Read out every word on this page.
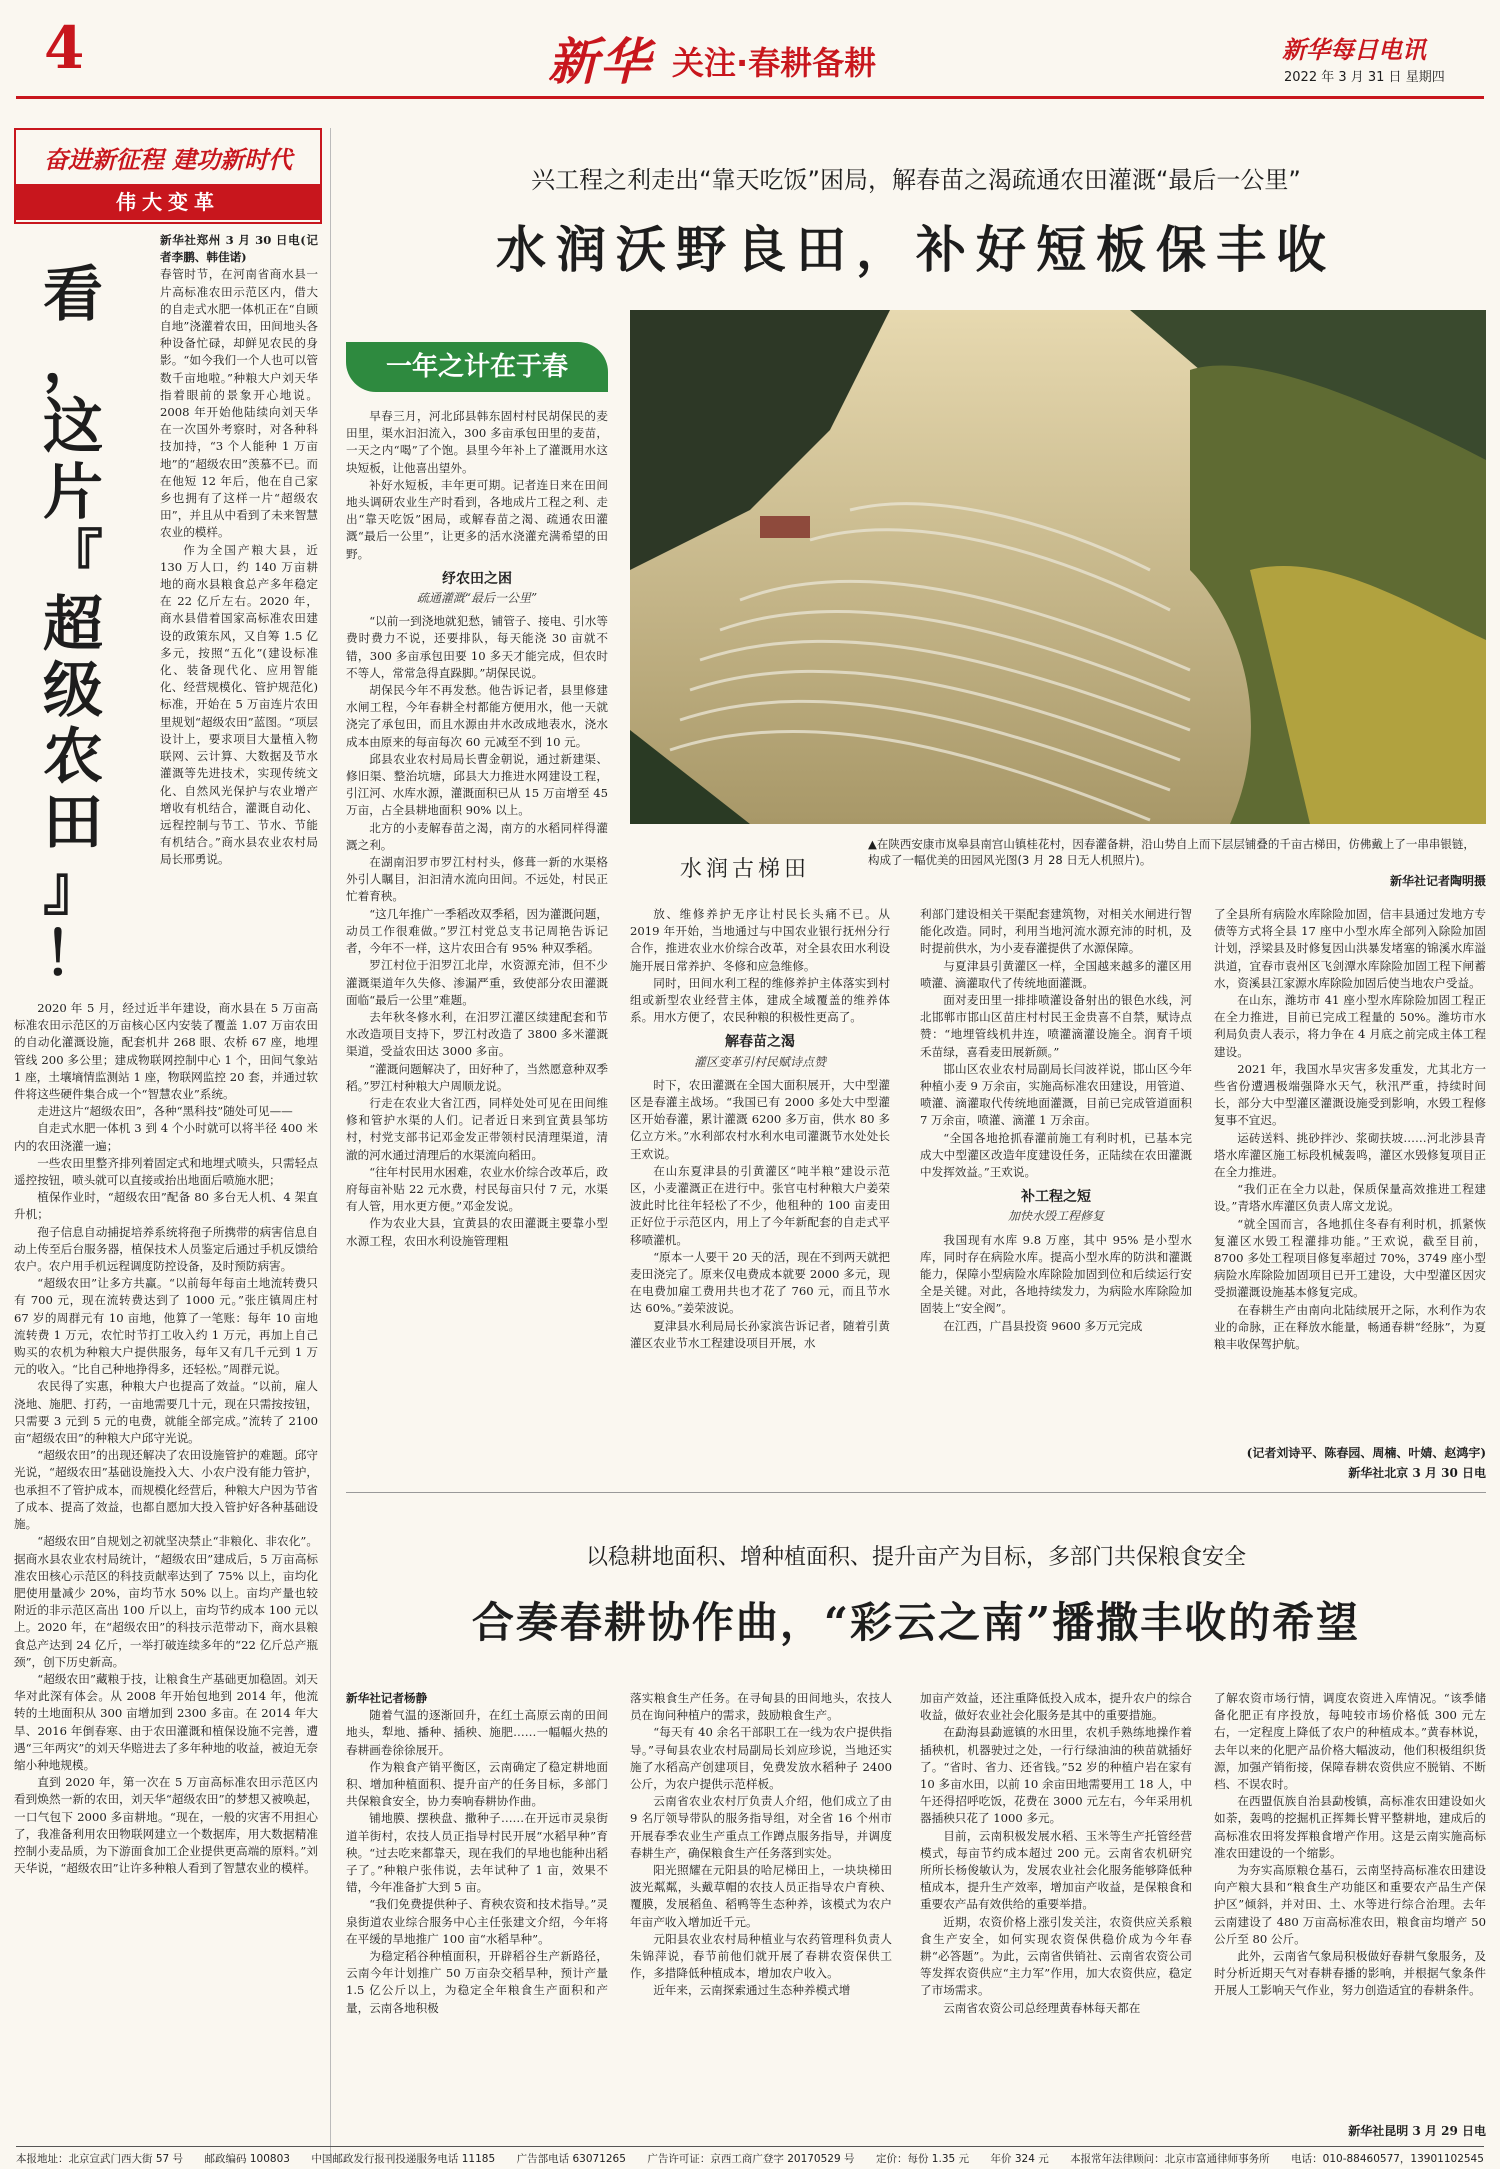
4	新华 关注·春耕备耕	新华每日电讯
2022 年 3 月 31 日 星期四
奋进新征程 建功新时代
伟大变革
看
，
这
片
『
超
级
农
田
』
！

新华社郑州 3 月 30 日电(记者李鹏、韩佳诺)

春管时节，在河南省商水县一片高标准农田示范区内，借大的自走式水肥一体机正在“自顾自地”浇灌着农田，田间地头各种设备忙碌，却鲜见农民的身影。“如今我们一个人也可以管数千亩地啦。”种粮大户刘天华指着眼前的景象开心地说。2008 年开始他陆续向刘天华在一次国外考察时，对各种科技加持，“3 个人能种 1 万亩地”的“超级农田”羡慕不已。而在他短 12 年后，他在自己家乡也拥有了这样一片“超级农田”，并且从中看到了未来智慧农业的模样。

作为全国产粮大县，近 130 万人口，约 140 万亩耕地的商水县粮食总产多年稳定在 22 亿斤左右。2020 年，商水县借着国家高标准农田建设的政策东风，又自筹 1.5 亿多元，按照“五化”(建设标准化、装备现代化、应用智能化、经营规模化、管护规范化)标准，开始在 5 万亩连片农田里规划“超级农田”蓝图。“项层设计上，要求项目大量植入物联网、云计算、大数据及节水灌溉等先进技术，实现传统文化、自然风光保护与农业增产增收有机结合，灌溉自动化、远程控制与节工、节水、节能有机结合。”商水县农业农村局局长邢勇说。

2020 年 5 月，经过近半年建设，商水县在 5 万亩高标准农田示范区的万亩核心区内安装了覆盖 1.07 万亩农田的自动化灌溉设施，配套机井 268 眼、农桥 67 座，地埋管线 200 多公里；建成物联网控制中心 1 个，田间气象站 1 座，土壤墒情监测站 1 座，物联网监控 20 套，并通过软件将这些硬件集合成一个“智慧农业”系统。

走进这片“超级农田”，各种“黑科技”随处可见——

自走式水肥一体机 3 到 4 个小时就可以将半径 400 米内的农田浇灌一遍；

一些农田里整齐排列着固定式和地埋式喷头，只需轻点遥控按钮，喷头就可以直接或抬出地面后喷施水肥；

植保作业时，“超级农田”配备 80 多台无人机、4 架直升机；

孢子信息自动捕捉培养系统将孢子所携带的病害信息自动上传至后台服务器，植保技术人员鉴定后通过手机反馈给农户。农户用手机远程调度防控设备，及时预防病害。

“超级农田”让多方共赢。“以前每年每亩土地流转费只有 700 元，现在流转费达到了 1000 元。”张庄镇周庄村 67 岁的周群元有 10 亩地，他算了一笔账：每年 10 亩地流转费 1 万元，农忙时节打工收入约 1 万元，再加上自己购买的农机为种粮大户提供服务，每年又有几千元到 1 万元的收入。“比自己种地挣得多，还轻松。”周群元说。

农民得了实惠，种粮大户也提高了效益。“以前，雇人浇地、施肥、打药，一亩地需要几十元，现在只需按按钮，只需要 3 元到 5 元的电费，就能全部完成。”流转了 2100 亩“超级农田”的种粮大户邱守光说。

“超级农田”的出现还解决了农田设施管护的难题。邱守光说，“超级农田”基础设施投入大、小农户没有能力管护，也承担不了管护成本，而规模化经营后，种粮大户因为节省了成本、提高了效益，也都自愿加大投入管护好各种基础设施。

“超级农田”自规划之初就坚决禁止“非粮化、非农化”。据商水县农业农村局统计，“超级农田”建成后，5 万亩高标准农田核心示范区的科技贡献率达到了 75% 以上，亩均化肥使用量减少 20%，亩均节水 50% 以上。亩均产量也较附近的非示范区高出 100 斤以上，亩均节约成本 100 元以上。2020 年，在“超级农田”的科技示范带动下，商水县粮食总产达到 24 亿斤，一举打破连续多年的“22 亿斤总产瓶颈”，创下历史新高。

“超级农田”藏粮于技，让粮食生产基础更加稳固。刘天华对此深有体会。从 2008 年开始包地到 2014 年，他流转的土地面积从 300 亩增加到 2300 多亩。在 2014 年大旱、2016 年倒春寒、由于农田灌溉和植保设施不完善，遭遇“三年两灾”的刘天华赔进去了多年种地的收益，被迫无奈缩小种地规模。

直到 2020 年，第一次在 5 万亩高标准农田示范区内看到焕然一新的农田，刘天华“超级农田”的梦想又被唤起，一口气包下 2000 多亩耕地。“现在，一般的灾害不用担心了，我准备利用农田物联网建立一个数据库，用大数据精准控制小麦品质，为下游面食加工企业提供更高端的原料。”刘天华说，“超级农田”让许多种粮人看到了智慧农业的模样。

兴工程之利走出“靠天吃饭”困局，解春苗之渴疏通农田灌溉“最后一公里”
水润沃野良田，补好短板保丰收
一年之计在于春

早春三月，河北邱县韩东固村村民胡保民的麦田里，渠水汩汩流入，300 多亩承包田里的麦苗，一天之内“喝”了个饱。县里今年补上了灌溉用水这块短板，让他喜出望外。

补好水短板，丰年更可期。记者连日来在田间地头调研农业生产时看到，各地成片工程之利、走出“靠天吃饭”困局，或解春苗之渴、疏通农田灌溉“最后一公里”，让更多的活水浇灌充满希望的田野。

纾农田之困
疏通灌溉“最后一公里”

“以前一到浇地就犯愁，铺管子、接电、引水等费时费力不说，还要排队，每天能浇 30 亩就不错，300 多亩承包田要 10 多天才能完成，但农时不等人，常常急得直跺脚。”胡保民说。

胡保民今年不再发愁。他告诉记者，县里修建水闸工程，今年春耕全村都能方便用水，他一天就浇完了承包田，而且水源由井水改成地表水，浇水成本由原来的每亩每次 60 元减至不到 10 元。

邱县农业农村局局长曹金朝说，通过新建渠、修旧渠、整治坑塘，邱县大力推进水网建设工程，引江河、水库水源，灌溉面积已从 15 万亩增至 45 万亩，占全县耕地面积 90% 以上。

北方的小麦解春苗之渴，南方的水稻同样得灌溉之利。

在湖南汨罗市罗江村村头，修葺一新的水渠格外引人瞩目，汩汩清水流向田间。不远处，村民正忙着育秧。

“这几年推广一季稻改双季稻，因为灌溉问题，动员工作很难做。”罗江村党总支书记周艳告诉记者，今年不一样，这片农田合有 95% 种双季稻。

罗江村位于汨罗江北岸，水资源充沛，但不少灌溉渠道年久失修、渗漏严重，致使部分农田灌溉面临“最后一公里”难题。

去年秋冬修水利，在汨罗江灌区续建配套和节水改造项目支持下，罗江村改造了 3800 多米灌溉渠道，受益农田达 3000 多亩。

“灌溉问题解决了，田好种了，当然愿意种双季稻。”罗江村种粮大户周顺龙说。

行走在农业大省江西，同样处处可见在田间维修和管护水渠的人们。记者近日来到宜黄县邹坊村，村党支部书记邓金发正带领村民清理渠道，清澈的河水通过清理后的水渠流向稻田。

“往年村民用水困难，农业水价综合改革后，政府每亩补贴 22 元水费，村民每亩只付 7 元，水渠有人管，用水更方便。”邓金发说。

作为农业大县，宜黄县的农田灌溉主要靠小型水源工程，农田水利设施管理粗

水润古梯田
▲在陕西安康市岚皋县南宫山镇桂花村，因春灌备耕，沿山势自上而下层层铺叠的千亩古梯田，仿佛戴上了一串串银链，构成了一幅优美的田园风光图(3 月 28 日无人机照片)。
新华社记者陶明摄

放、维修养护无序让村民长头痛不已。从 2019 年开始，当地通过与中国农业银行抚州分行合作，推进农业水价综合改革，对全县农田水利设施开展日常养护、冬修和应急维修。

同时，田间水利工程的维修养护主体落实到村组或新型农业经营主体，建成全域覆盖的维养体系。用水方便了，农民种粮的积极性更高了。

解春苗之渴
灌区变革引村民赋诗点赞

时下，农田灌溉在全国大面积展开，大中型灌区是春灌主战场。“我国已有 2000 多处大中型灌区开始春灌，累计灌溉 6200 多万亩，供水 80 多亿立方米。”水利部农村水利水电司灌溉节水处处长王欢说。

在山东夏津县的引黄灌区“吨半粮”建设示范区，小麦灌溉正在进行中。张官屯村种粮大户姜荣波此时比往年轻松了不少，他租种的 100 亩麦田正好位于示范区内，用上了今年新配套的自走式平移喷灌机。

“原本一人要干 20 天的活，现在不到两天就把麦田浇完了。原来仅电费成本就要 2000 多元，现在电费加雇工费用共也才花了 760 元，而且节水达 60%。”姜荣波说。

夏津县水利局局长孙家滨告诉记者，随着引黄灌区农业节水工程建设项目开展，水

利部门建设相关干渠配套建筑物，对相关水闸进行智能化改造。同时，利用当地河流水源充沛的时机，及时提前供水，为小麦春灌提供了水源保障。

与夏津县引黄灌区一样，全国越来越多的灌区用喷灌、滴灌取代了传统地面灌溉。

面对麦田里一排排喷灌设备射出的银色水线，河北邯郸市邯山区苗庄村村民王金贵喜不自禁，赋诗点赞：“地埋管线机井连，喷灌滴灌设施全。润育千顷禾苗绿，喜看麦田展新颜。”

邯山区农业农村局副局长闫波祥说，邯山区今年种植小麦 9 万余亩，实施高标准农田建设，用管道、喷灌、滴灌取代传统地面灌溉，目前已完成管道面积 7 万余亩，喷灌、滴灌 1 万余亩。

“全国各地抢抓春灌前施工有利时机，已基本完成大中型灌区改造年度建设任务，正陆续在农田灌溉中发挥效益。”王欢说。

补工程之短
加快水毁工程修复

我国现有水库 9.8 万座，其中 95% 是小型水库，同时存在病险水库。提高小型水库的防洪和灌溉能力，保障小型病险水库除险加固到位和后续运行安全是关键。对此，各地持续发力，为病险水库除险加固装上“安全阀”。

在江西，广昌县投资 9600 多万元完成

了全县所有病险水库除险加固，信丰县通过发地方专债等方式将全县 17 座中小型水库全部列入除险加固计划，浮梁县及时修复因山洪暴发堵塞的锦溪水库溢洪道，宜春市袁州区飞剑潭水库除险加固工程下闸蓄水，资溪县江家源水库除险加固后使当地农户受益。

在山东，潍坊市 41 座小型水库除险加固工程正在全力推进，目前已完成工程量的 50%。潍坊市水利局负责人表示，将力争在 4 月底之前完成主体工程建设。

2021 年，我国水旱灾害多发重发，尤其北方一些省份遭遇极端强降水天气，秋汛严重，持续时间长，部分大中型灌区灌溉设施受到影响，水毁工程修复事不宜迟。

运砖送料、挑砂拌沙、浆砌扶坡……河北涉县青塔水库灌区施工标段机械轰鸣，灌区水毁修复项目正在全力推进。

“我们正在全力以赴，保质保量高效推进工程建设。”青塔水库灌区负责人席文龙说。

“就全国而言，各地抓住冬春有利时机，抓紧恢复灌区水毁工程灌排功能。”王欢说，截至目前，8700 多处工程项目修复率超过 70%，3749 座小型病险水库除险加固项目已开工建设，大中型灌区因灾受损灌溉设施基本修复完成。

在春耕生产由南向北陆续展开之际，水利作为农业的命脉，正在释放水能量，畅通春耕“经脉”，为夏粮丰收保驾护航。

(记者刘诗平、陈春园、周楠、叶婧、赵鸿宇)
新华社北京 3 月 30 日电
以稳耕地面积、增种植面积、提升亩产为目标，多部门共保粮食安全
合奏春耕协作曲，“彩云之南”播撒丰收的希望

新华社记者杨静

随着气温的逐渐回升，在红土高原云南的田间地头，犁地、播种、插秧、施肥……一幅幅火热的春耕画卷徐徐展开。

作为粮食产销平衡区，云南确定了稳定耕地面积、增加种植面积、提升亩产的任务目标，多部门共保粮食安全，协力奏响春耕协作曲。

铺地膜、摆秧盘、撒种子……在开远市灵泉街道羊街村，农技人员正指导村民开展“水稻早种”育秧。“过去吃来都靠天，现在我们的早地也能种出稻子了。”种粮户张伟说，去年试种了 1 亩，效果不错，今年准备扩大到 5 亩。

“我们免费提供种子、育秧农资和技术指导。”灵泉街道农业综合服务中心主任张建文介绍，今年将在平缓的旱地推广 100 亩“水稻旱种”。

为稳定稻谷种植面积，开辟稻谷生产新路径，云南今年计划推广 50 万亩杂交稻旱种，预计产量 1.5 亿公斤以上，为稳定全年粮食生产面积和产量，云南各地积极

落实粮食生产任务。在寻甸县的田间地头，农技人员在询问种植户的需求，鼓励粮食生产。

“每天有 40 余名干部职工在一线为农户提供指导。”寻甸县农业农村局副局长刘应珍说，当地还实施了水稻高产创建项目，免费发放水稻种子 2400 公斤，为农户提供示范样板。

云南省农业农村厅负责人介绍，他们成立了由 9 名厅领导带队的服务指导组，对全省 16 个州市开展春季农业生产重点工作蹲点服务指导，并调度春耕生产，确保粮食生产任务落到实处。

阳光照耀在元阳县的哈尼梯田上，一块块梯田波光粼粼，头戴草帽的农技人员正指导农户育秧、覆膜，发展稻鱼、稻鸭等生态种养，该模式为农户年亩产收入增加近千元。

元阳县农业农村局种植业与农药管理科负责人朱锦萍说，春节前他们就开展了春耕农资保供工作，多措降低种植成本，增加农户收入。

近年来，云南探索通过生态种养模式增

加亩产效益，还注重降低投入成本，提升农户的综合收益，做好农业社会化服务是其中的重要措施。

在勐海县勐遮镇的水田里，农机手熟练地操作着插秧机，机器驶过之处，一行行绿油油的秧苗就插好了。“省时、省力、还省钱。”52 岁的种植户岩在家有 10 多亩水田，以前 10 余亩田地需要用工 18 人，中午还得招呼吃饭，花费在 3000 元左右，今年采用机器插秧只花了 1000 多元。

目前，云南积极发展水稻、玉米等生产托管经营模式，每亩节约成本超过 200 元。云南省农机研究所所长杨俊敏认为，发展农业社会化服务能够降低种植成本，提升生产效率，增加亩产收益，是保粮食和重要农产品有效供给的重要举措。

近期，农资价格上涨引发关注，农资供应关系粮食生产安全，如何实现农资保供稳价成为今年春耕“必答题”。为此，云南省供销社、云南省农资公司等发挥农资供应“主力军”作用，加大农资供应，稳定了市场需求。

云南省农资公司总经理黄春林每天都在

了解农资市场行情，调度农资进入库情况。“该季储备化肥正有序投放，每吨较市场价格低 300 元左右，一定程度上降低了农户的种植成本。”黄春林说，去年以来的化肥产品价格大幅波动，他们积极组织货源，加强产销衔接，保障春耕农资供应不脱销、不断档、不误农时。

在西盟佤族自治县勐梭镇，高标准农田建设如火如荼，轰鸣的挖掘机正挥舞长臂平整耕地，建成后的高标准农田将发挥粮食增产作用。这是云南实施高标准农田建设的一个缩影。

为夯实高原粮仓基石，云南坚持高标准农田建设向产粮大县和“粮食生产功能区和重要农产品生产保护区”倾斜，并对田、土、水等进行综合治理。去年云南建设了 480 万亩高标准农田，粮食亩均增产 50 公斤至 80 公斤。

此外，云南省气象局积极做好春耕气象服务，及时分析近期天气对春耕春播的影响，并根据气象条件开展人工影响天气作业，努力创造适宜的春耕条件。

新华社昆明 3 月 29 日电
本报地址：北京宣武门西大街 57 号 邮政编码 100803 中国邮政发行报刊投递服务电话 11185 广告部电话 63071265 广告许可证：京西工商广登字 20170529 号 定价：每份 1.35 元 年价 324 元 本报常年法律顾问：北京市富通律师事务所 电话：010-88460577，13901102545
